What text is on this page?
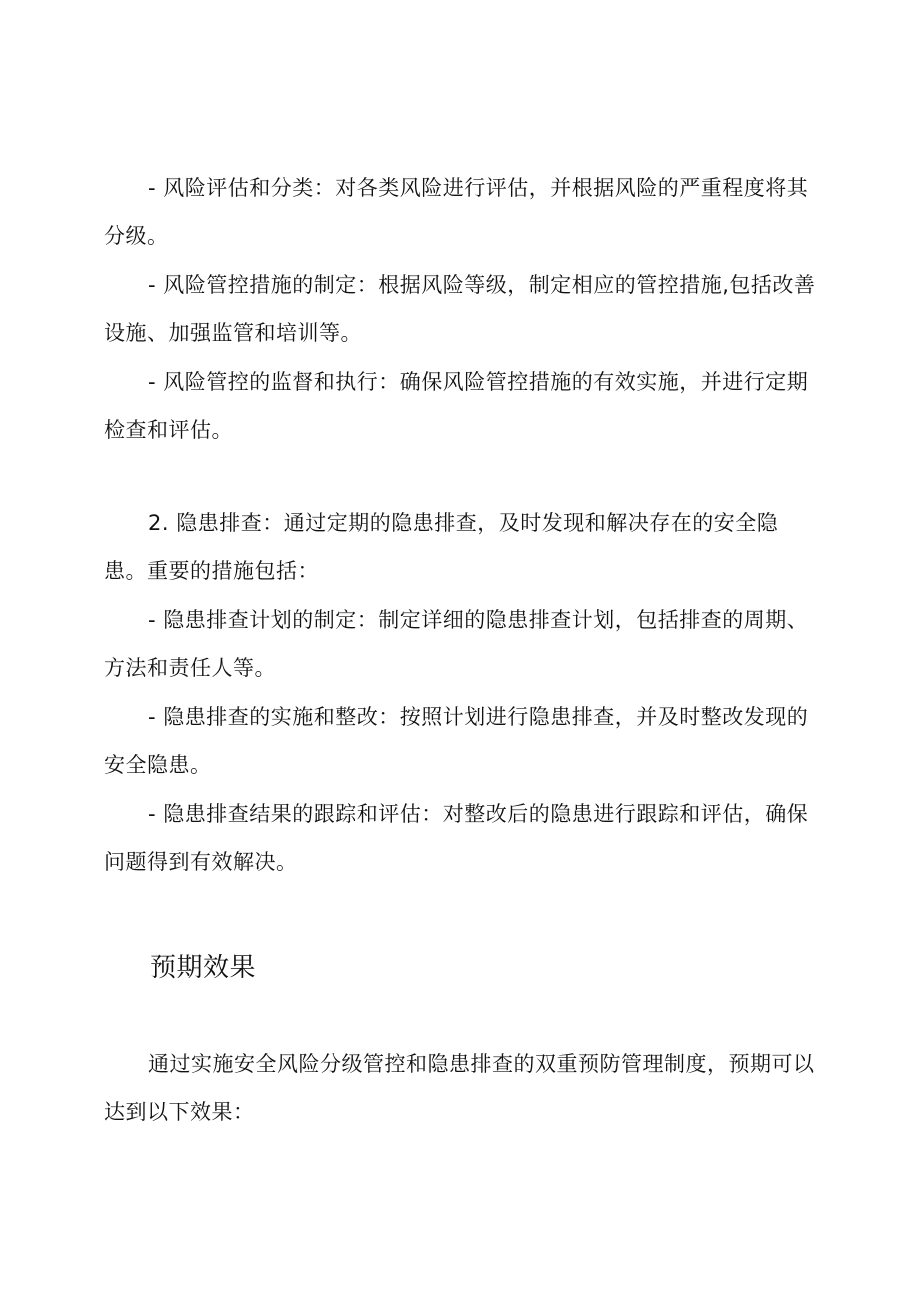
- 风险评估和分类：对各类风险进行评估，并根据风险的严重程度将其分级。

- 风险管控措施的制定：根据风险等级，制定相应的管控措施,包括改善设施、加强监管和培训等。

- 风险管控的监督和执行：确保风险管控措施的有效实施，并进行定期检查和评估。

2. 隐患排查：通过定期的隐患排查，及时发现和解决存在的安全隐患。重要的措施包括：

- 隐患排查计划的制定：制定详细的隐患排查计划，包括排查的周期、方法和责任人等。

- 隐患排查的实施和整改：按照计划进行隐患排查，并及时整改发现的安全隐患。

- 隐患排查结果的跟踪和评估：对整改后的隐患进行跟踪和评估，确保问题得到有效解决。

预期效果

通过实施安全风险分级管控和隐患排查的双重预防管理制度，预期可以达到以下效果：
